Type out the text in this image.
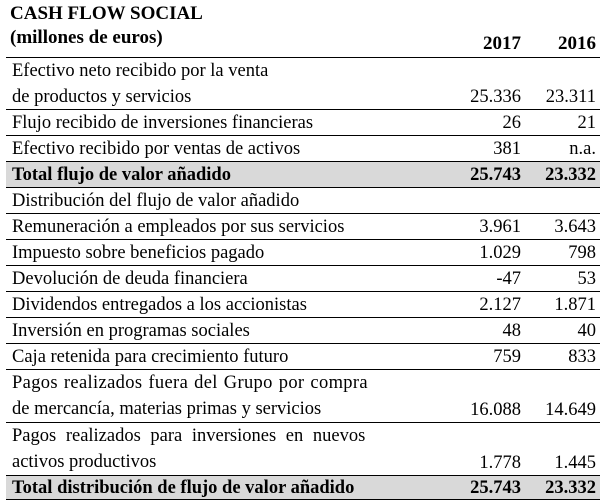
CASH FLOW SOCIAL
(millones de euros)	2017	2016
Efectivo neto recibido por la venta
de productos y servicios	25.336	23.311
Flujo recibido de inversiones financieras	26	21
Efectivo recibido por ventas de activos	381	n.a.
Total flujo de valor añadido	25.743	23.332
Distribución del flujo de valor añadido
Remuneración a empleados por sus servicios	3.961	3.643
Impuesto sobre beneficios pagado	1.029	798
Devolución de deuda financiera	-47	53
Dividendos entregados a los accionistas	2.127	1.871
Inversión en programas sociales	48	40
Caja retenida para crecimiento futuro	759	833
Pagos realizados fuera del Grupo por compra
de mercancía, materias primas y servicios	16.088	14.649
Pagos realizados para inversiones en nuevos
activos productivos	1.778	1.445
Total distribución de flujo de valor añadido	25.743	23.332
